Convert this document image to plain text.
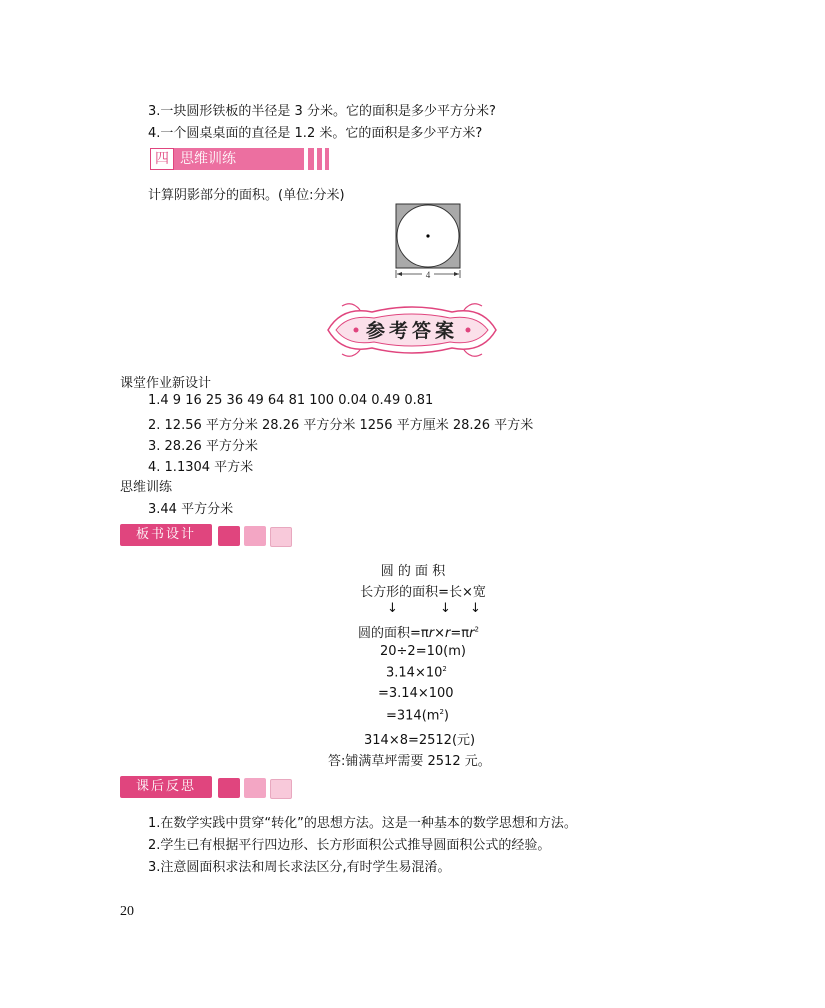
3.一块圆形铁板的半径是 3 分米。它的面积是多少平方分米?
4.一个圆桌桌面的直径是 1.2 米。它的面积是多少平方米?
四 思维训练
计算阴影部分的面积。(单位:分米)
4
参考答案
课堂作业新设计
1.4 9 16 25 36 49 64 81 100 0.04 0.49 0.81
2. 12.56 平方分米 28.26 平方分米 1256 平方厘米 28.26 平方米
3. 28.26 平方分米
4. 1.1304 平方米
思维训练
3.44 平方分米
板书设计
圆 的 面 积
长方形的面积=长×宽
↓	↓ ↓
圆的面积$=\pi r\times r=\pi r^2$
20÷2=10(m)
$3.14\times 10^2$
=3.14×100
$=314(m^2)$
314×8=2512(元)
答:铺满草坪需要 2512 元。
课后反思
1.在数学实践中贯穿“转化”的思想方法。这是一种基本的数学思想和方法。
2.学生已有根据平行四边形、长方形面积公式推导圆面积公式的经验。
3.注意圆面积求法和周长求法区分,有时学生易混淆。
20
